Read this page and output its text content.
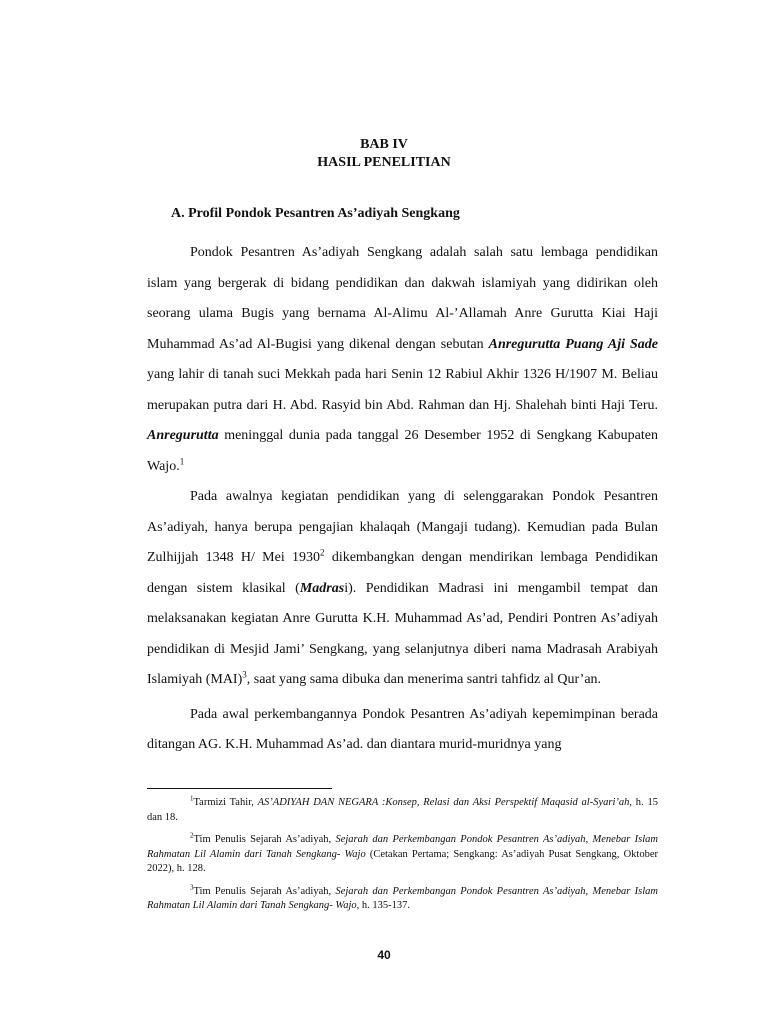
BAB IV
HASIL PENELITIAN
A. Profil Pondok Pesantren As’adiyah Sengkang

Pondok Pesantren As’adiyah Sengkang adalah salah satu lembaga pendidikan islam yang bergerak di bidang pendidikan dan dakwah islamiyah yang didirikan oleh seorang ulama Bugis yang bernama Al-Alimu Al-’Allamah Anre Gurutta Kiai Haji Muhammad As’ad Al-Bugisi yang dikenal dengan sebutan Anregurutta Puang Aji Sade yang lahir di tanah suci Mekkah pada hari Senin 12 Rabiul Akhir 1326 H/1907 M. Beliau merupakan putra dari H. Abd. Rasyid bin Abd. Rahman dan Hj. Shalehah binti Haji Teru. Anregurutta meninggal dunia pada tanggal 26 Desember 1952 di Sengkang Kabupaten Wajo.$^1$

Pada awalnya kegiatan pendidikan yang di selenggarakan Pondok Pesantren As’adiyah, hanya berupa pengajian khalaqah (Mangaji tudang). Kemudian pada Bulan Zulhijjah 1348 H/ Mei 1930$^2$ dikembangkan dengan mendirikan lembaga Pendidikan dengan sistem klasikal (Madrasi). Pendidikan Madrasi ini mengambil tempat dan melaksanakan kegiatan Anre Gurutta K.H. Muhammad As’ad, Pendiri Pontren As’adiyah pendidikan di Mesjid Jami’ Sengkang, yang selanjutnya diberi nama Madrasah Arabiyah Islamiyah (MAI)$^3$, saat yang sama dibuka dan menerima santri tahfidz al Qur’an.

Pada awal perkembangannya Pondok Pesantren As’adiyah kepemimpinan berada ditangan AG. K.H. Muhammad As’ad. dan diantara murid-muridnya yang

$^1$Tarmizi Tahir, AS’ADIYAH DAN NEGARA :Konsep, Relasi dan Aksi Perspektif Maqasid al-Syari’ah, h. 15 dan 18.

$^2$Tim Penulis Sejarah As’adiyah, Sejarah dan Perkembangan Pondok Pesantren As’adiyah, Menebar Islam Rahmatan Lil Alamin dari Tanah Sengkang- Wajo (Cetakan Pertama; Sengkang: As’adiyah Pusat Sengkang, Oktober 2022), h. 128.

$^3$Tim Penulis Sejarah As’adiyah, Sejarah dan Perkembangan Pondok Pesantren As’adiyah, Menebar Islam Rahmatan Lil Alamin dari Tanah Sengkang- Wajo, h. 135-137.

40
